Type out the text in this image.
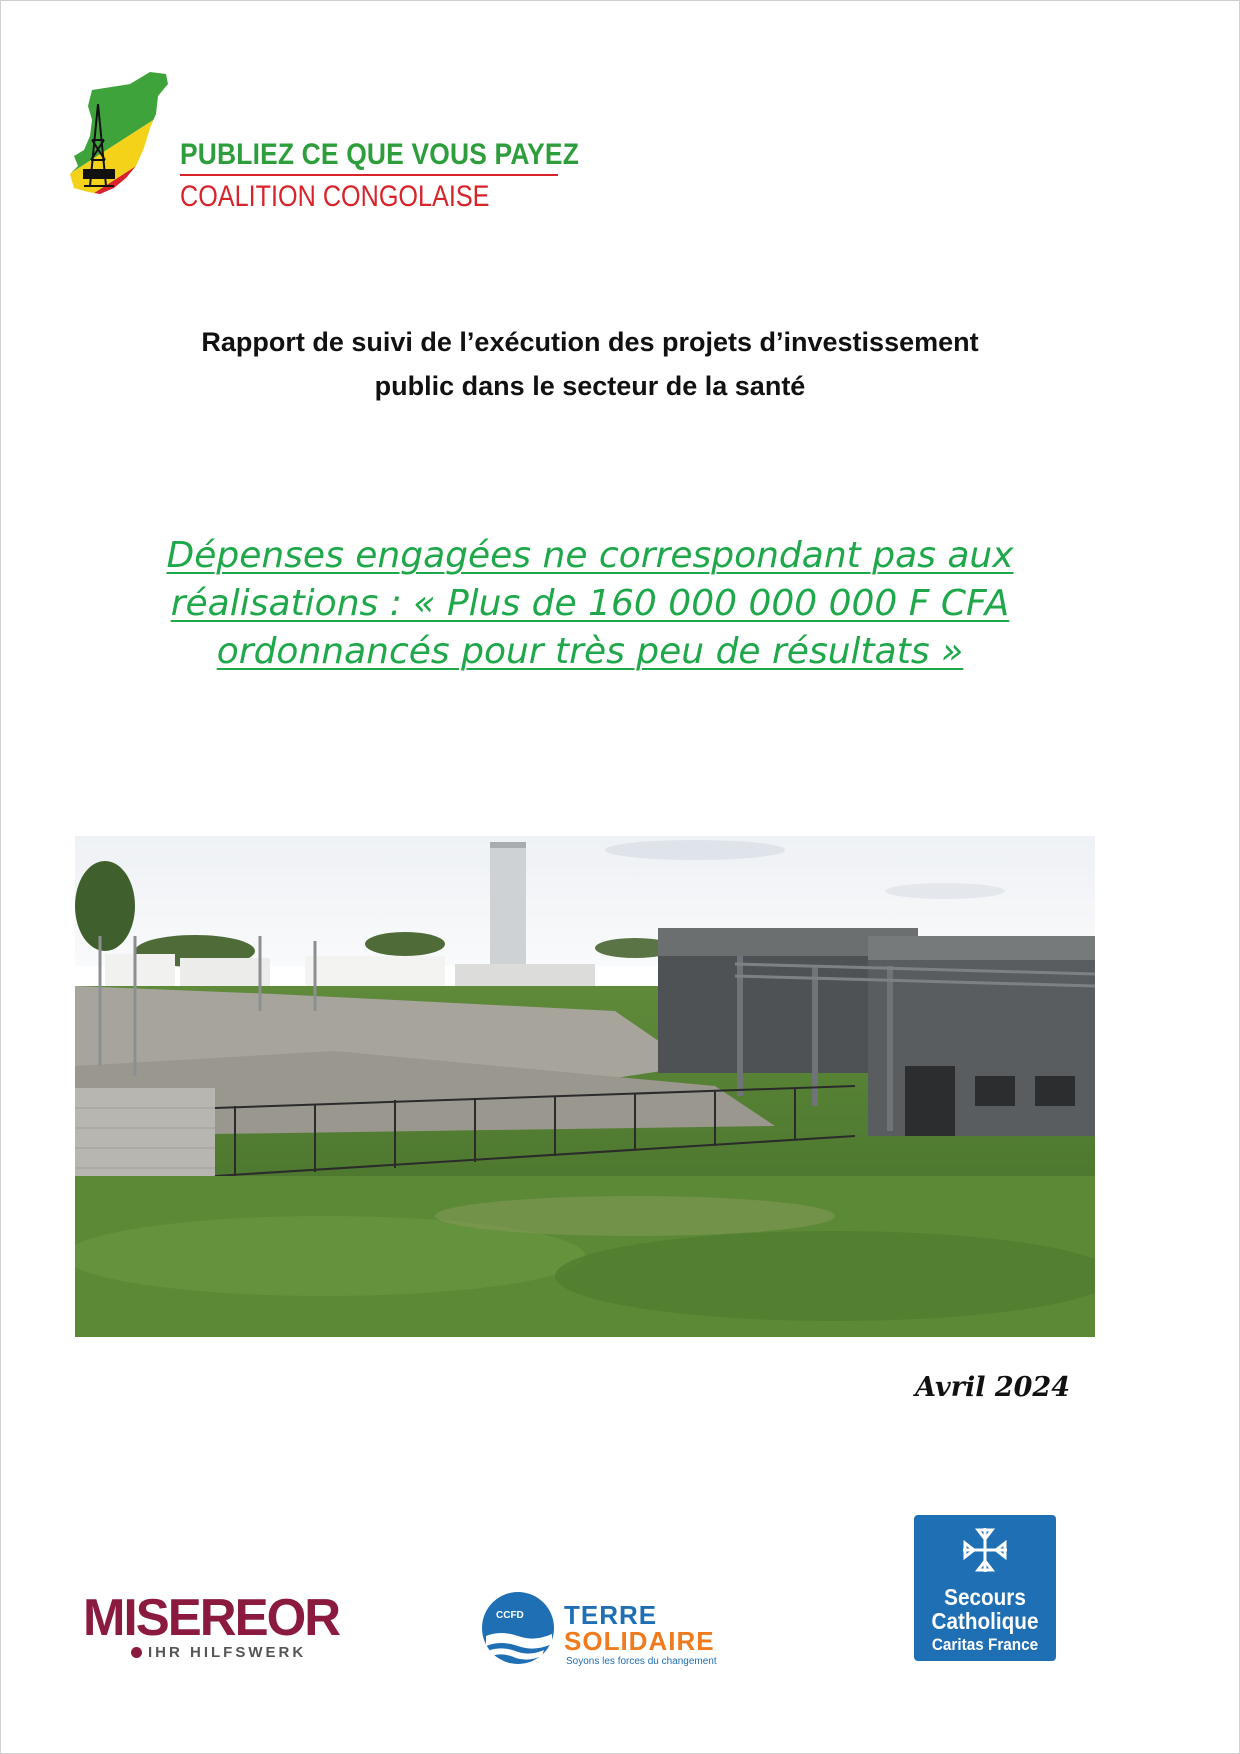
PUBLIEZ CE QUE VOUS PAYEZ
COALITION CONGOLAISE
Rapport de suivi de l’exécution des projets d’investissement
public dans le secteur de la santé
Dépenses engagées ne correspondant pas aux
réalisations : « Plus de 160 000 000 000 F CFA
ordonnancés pour très peu de résultats »
Avril 2024
MISEREOR
IHR HILFSWERK
CCFD TERRE
SOLIDAIRE
Soyons les forces du changement
Secours
Catholique
Caritas France
